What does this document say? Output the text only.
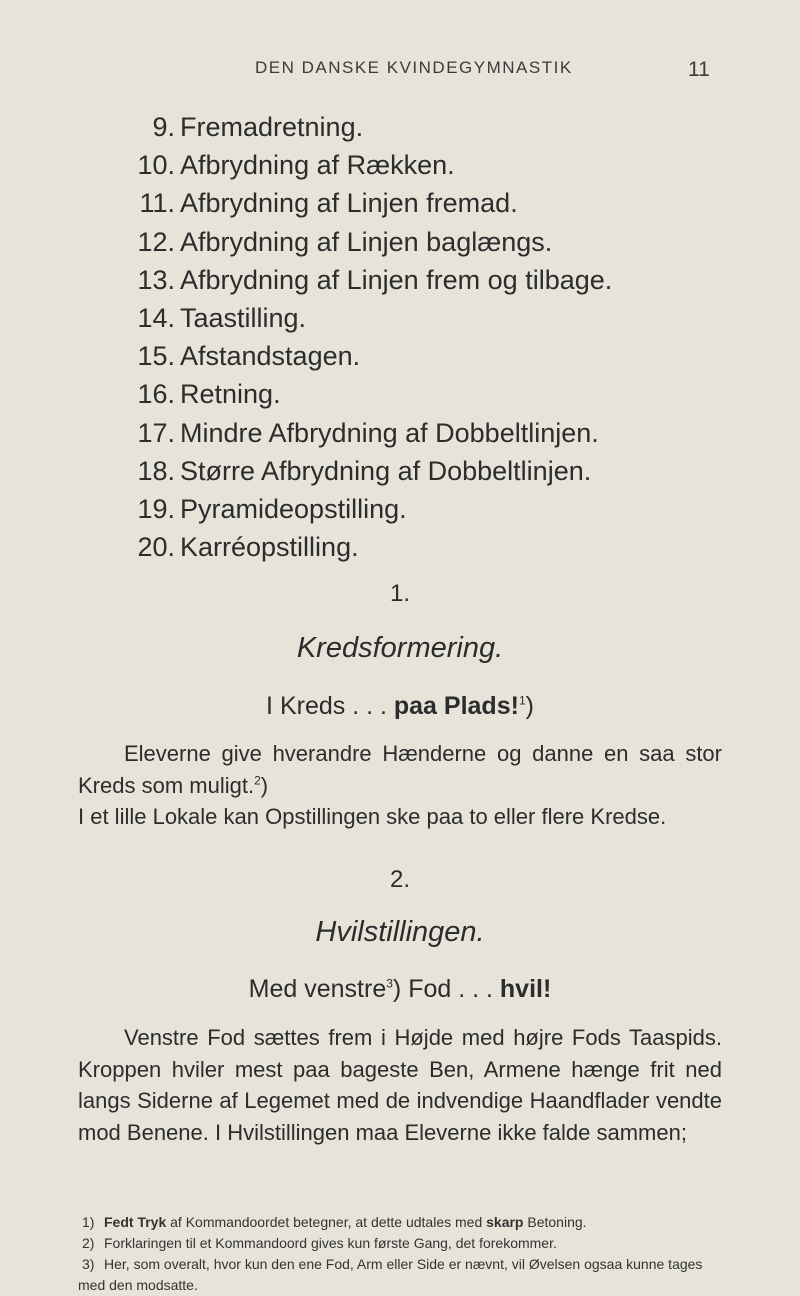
DEN DANSKE KVINDEGYMNASTIK	11
9. Fremadretning.
10. Afbrydning af Rækken.
11. Afbrydning af Linjen fremad.
12. Afbrydning af Linjen baglængs.
13. Afbrydning af Linjen frem og tilbage.
14. Taastilling.
15. Afstandstagen.
16. Retning.
17. Mindre Afbrydning af Dobbeltlinjen.
18. Større Afbrydning af Dobbeltlinjen.
19. Pyramideopstilling.
20. Karréopstilling.
1.
Kredsformering.
I Kreds . . . paa Plads!$^1$)
Eleverne give hverandre Hænderne og danne en saa stor Kreds som muligt.$^2$)
I et lille Lokale kan Opstillingen ske paa to eller flere Kredse.
2.
Hvilstillingen.
Med venstre$^3$) Fod . . . hvil!
Venstre Fod sættes frem i Højde med højre Fods Taaspids. Kroppen hviler mest paa bageste Ben, Armene hænge frit ned langs Siderne af Legemet med de indvendige Haandflader vendte mod Benene. I Hvilstillingen maa Eleverne ikke falde sammen;
1) Fedt Tryk af Kommandoordet betegner, at dette udtales med skarp Betoning.
2) Forklaringen til et Kommandoord gives kun første Gang, det forekommer.
3) Her, som overalt, hvor kun den ene Fod, Arm eller Side er nævnt, vil Øvelsen ogsaa kunne tages med den modsatte.
